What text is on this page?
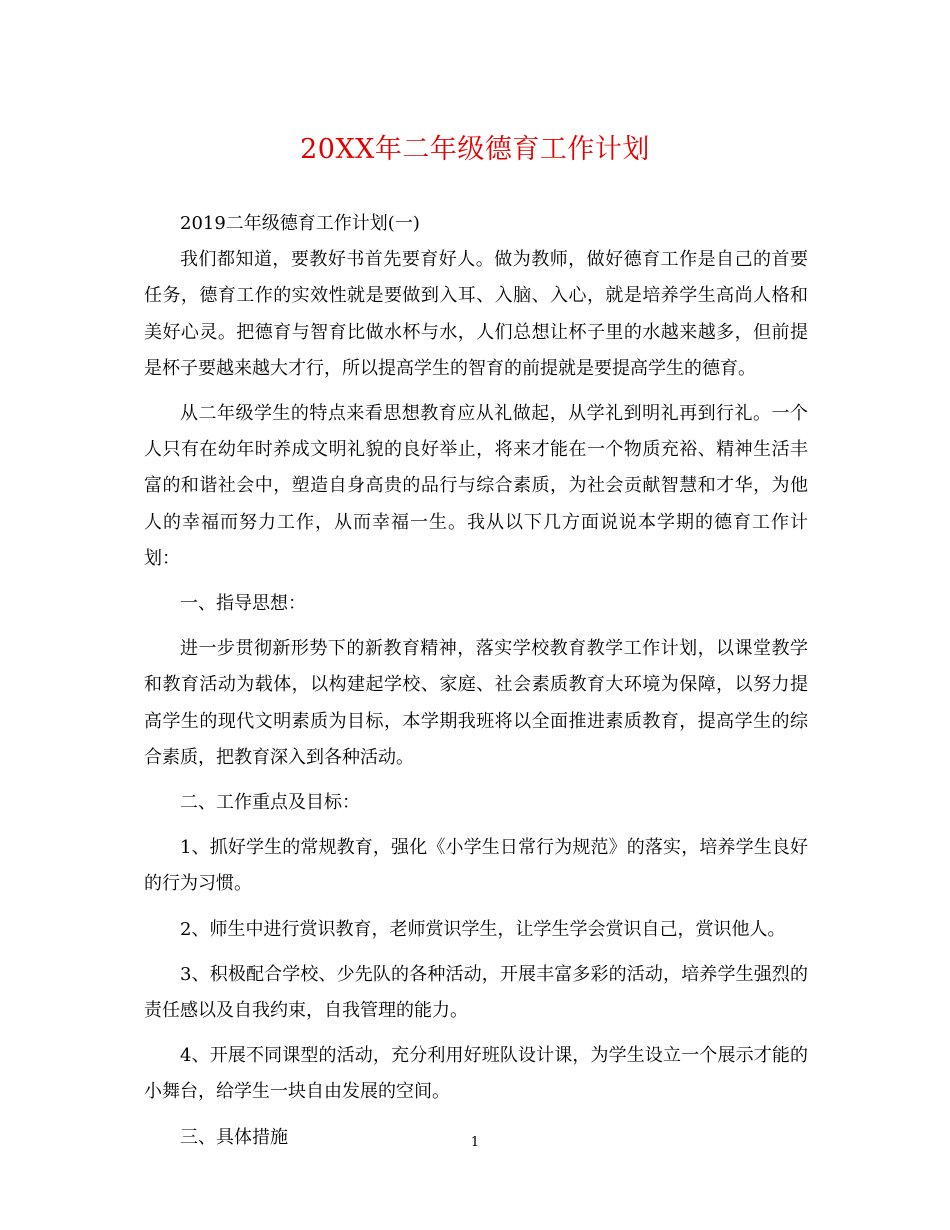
20XX年二年级德育工作计划

2019二年级德育工作计划(一)

我们都知道，要教好书首先要育好人。做为教师，做好德育工作是自己的首要任务，德育工作的实效性就是要做到入耳、入脑、入心，就是培养学生高尚人格和美好心灵。把德育与智育比做水杯与水，人们总想让杯子里的水越来越多，但前提是杯子要越来越大才行，所以提高学生的智育的前提就是要提高学生的德育。

从二年级学生的特点来看思想教育应从礼做起，从学礼到明礼再到行礼。一个人只有在幼年时养成文明礼貌的良好举止，将来才能在一个物质充裕、精神生活丰富的和谐社会中，塑造自身高贵的品行与综合素质，为社会贡献智慧和才华，为他人的幸福而努力工作，从而幸福一生。我从以下几方面说说本学期的德育工作计划：

一、指导思想：

进一步贯彻新形势下的新教育精神，落实学校教育教学工作计划，以课堂教学和教育活动为载体，以构建起学校、家庭、社会素质教育大环境为保障，以努力提高学生的现代文明素质为目标，本学期我班将以全面推进素质教育，提高学生的综合素质，把教育深入到各种活动。

二、工作重点及目标：

1、抓好学生的常规教育，强化《小学生日常行为规范》的落实，培养学生良好的行为习惯。

2、师生中进行赏识教育，老师赏识学生，让学生学会赏识自己，赏识他人。

3、积极配合学校、少先队的各种活动，开展丰富多彩的活动，培养学生强烈的责任感以及自我约束，自我管理的能力。

4、开展不同课型的活动，充分利用好班队设计课，为学生设立一个展示才能的小舞台，给学生一块自由发展的空间。

三、具体措施	1
